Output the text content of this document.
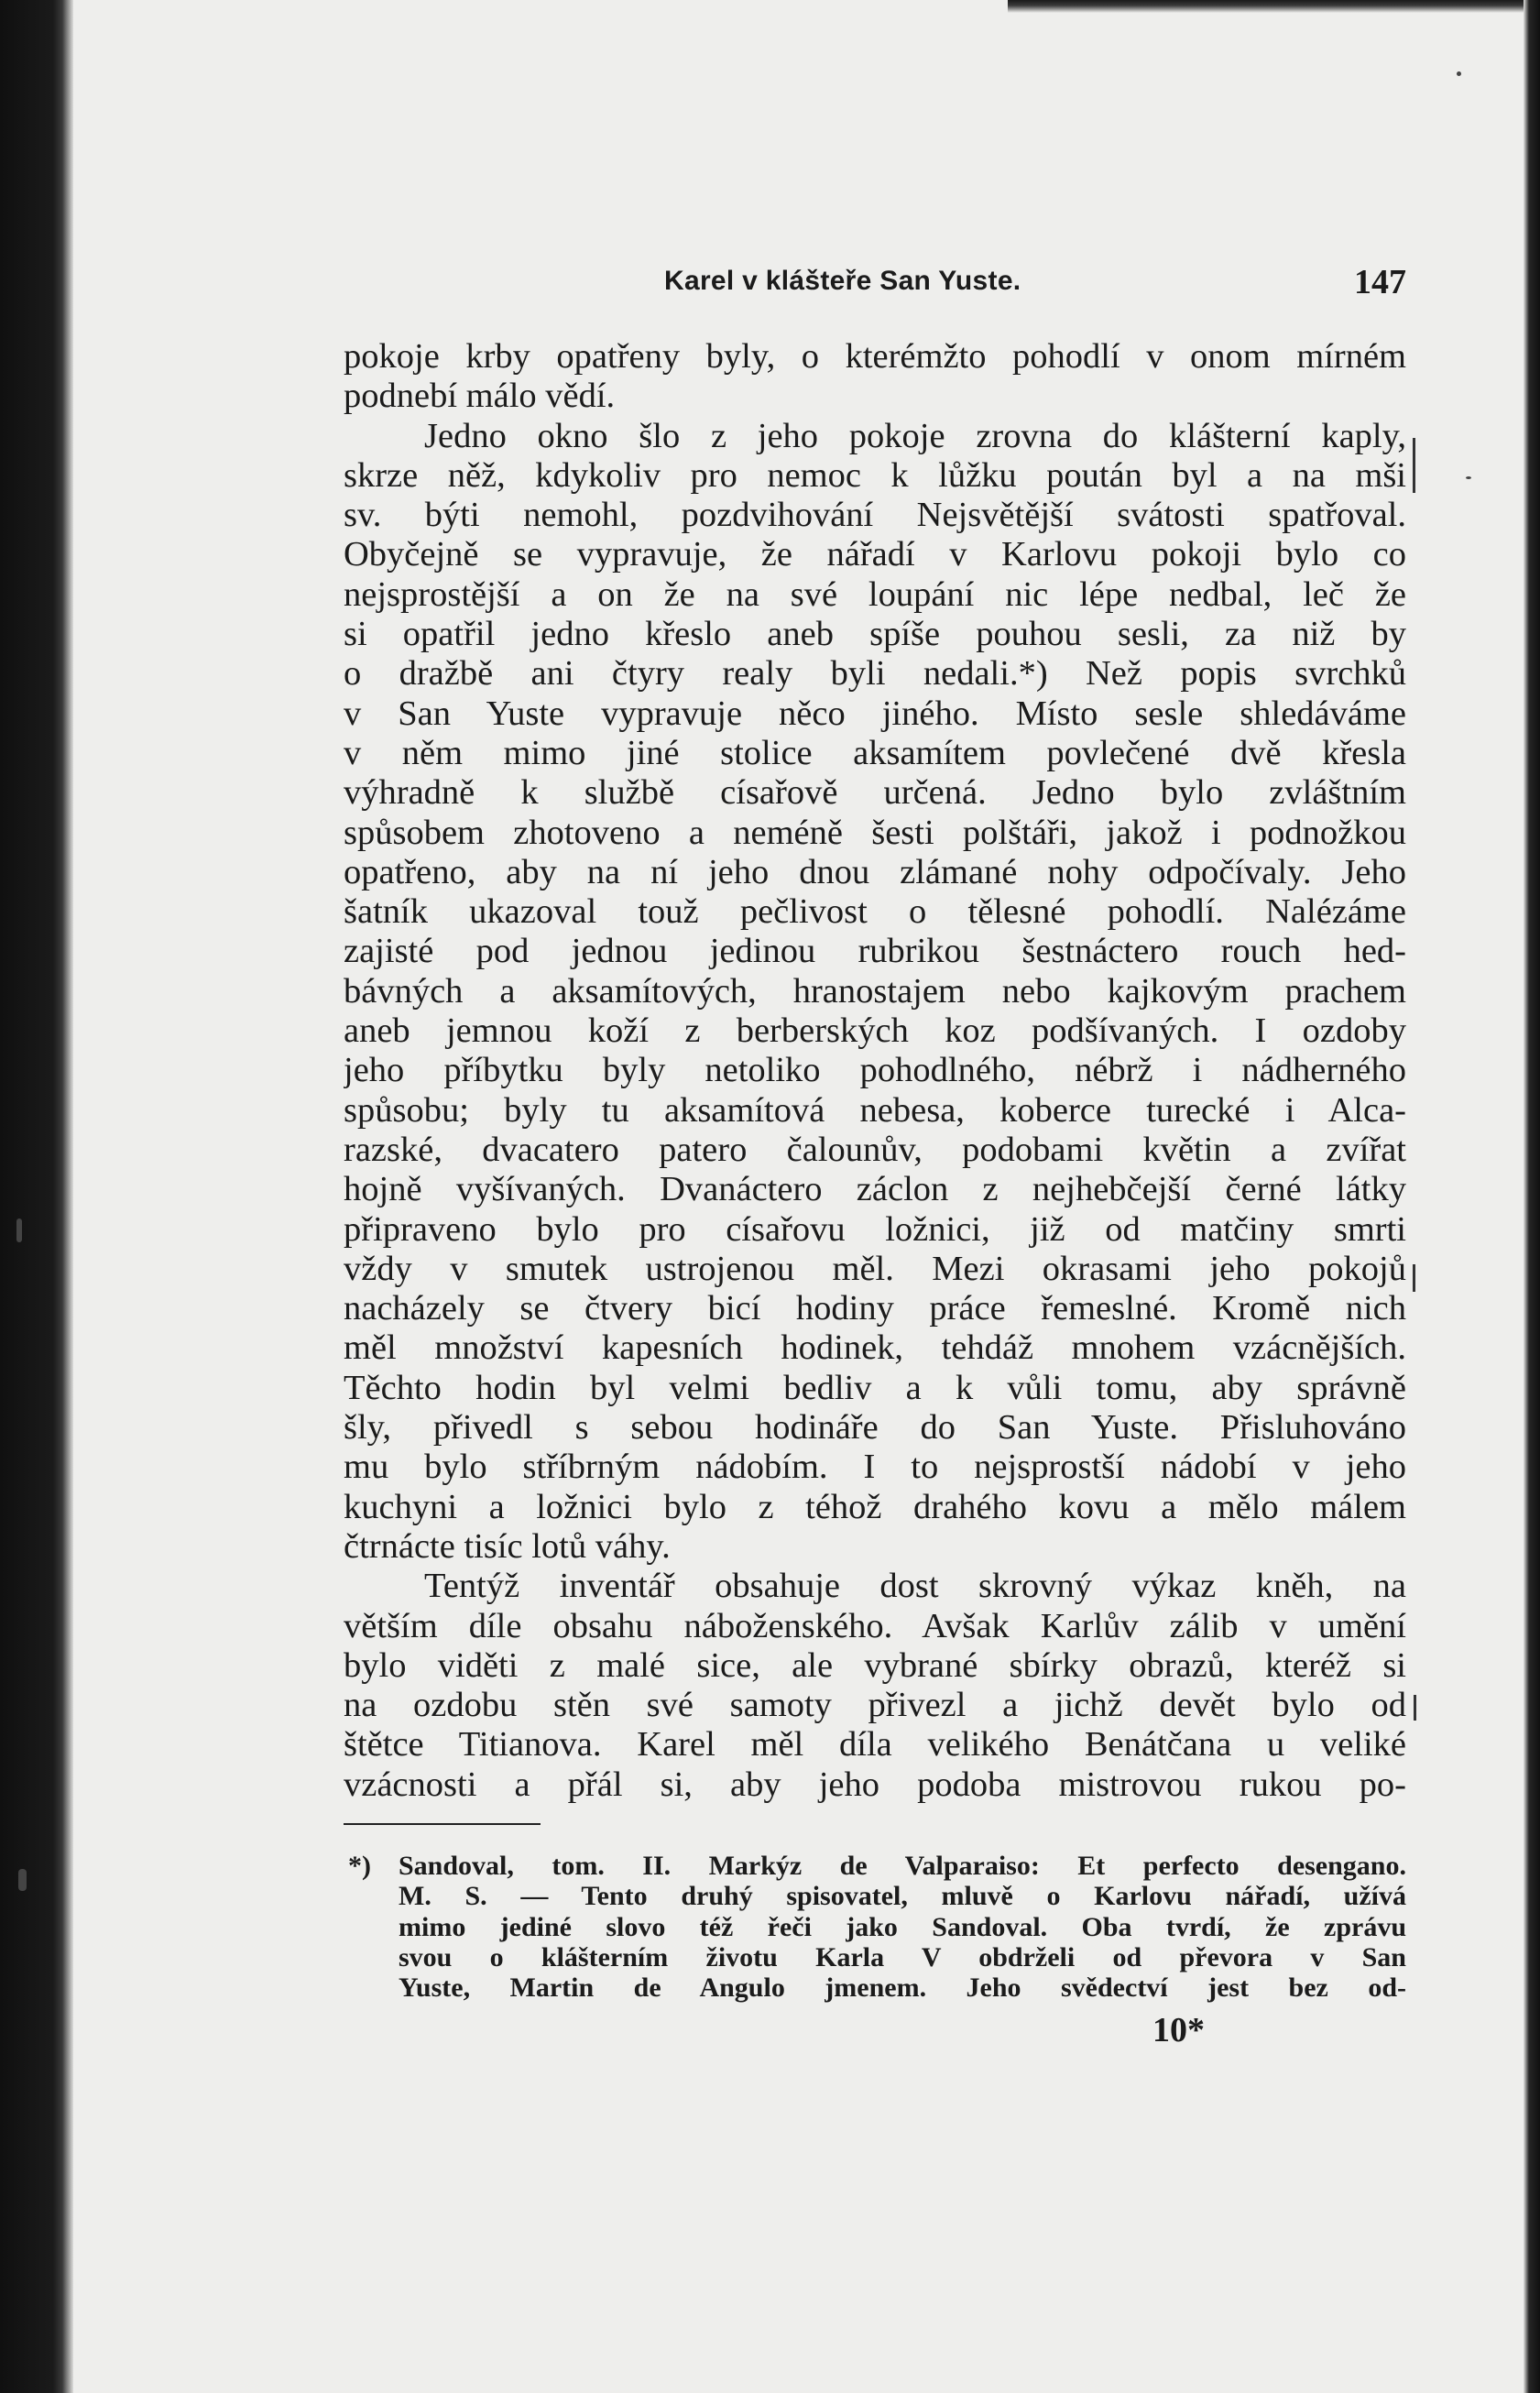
Karel v klášteře San Yuste.	147
pokoje krby opatřeny byly, o kterémžto pohodlí v onom mírném
podnebí málo vědí.
Jedno okno šlo z jeho pokoje zrovna do klášterní kaply,
skrze něž, kdykoliv pro nemoc k lůžku poután byl a na mši
sv. býti nemohl, pozdvihování Nejsvětější svátosti spatřoval.
Obyčejně se vypravuje, že nářadí v Karlovu pokoji bylo co
nejsprostější a on že na své loupání nic lépe nedbal, leč že
si opatřil jedno křeslo aneb spíše pouhou sesli, za niž by
o dražbě ani čtyry realy byli nedali.*) Než popis svrchků
v San Yuste vypravuje něco jiného. Místo sesle shledáváme
v něm mimo jiné stolice aksamítem povlečené dvě křesla
výhradně k službě císařově určená. Jedno bylo zvláštním
spůsobem zhotoveno a neméně šesti polštáři, jakož i podnožkou
opatřeno, aby na ní jeho dnou zlámané nohy odpočívaly. Jeho
šatník ukazoval touž pečlivost o tělesné pohodlí. Nalézáme
zajisté pod jednou jedinou rubrikou šestnáctero rouch hed-
bávných a aksamítových, hranostajem nebo kajkovým prachem
aneb jemnou koží z berberských koz podšívaných. I ozdoby
jeho příbytku byly netoliko pohodlného, nébrž i nádherného
spůsobu; byly tu aksamítová nebesa, koberce turecké i Alca-
razské, dvacatero patero čalounův, podobami květin a zvířat
hojně vyšívaných. Dvanáctero záclon z nejhebčejší černé látky
připraveno bylo pro císařovu ložnici, již od matčiny smrti
vždy v smutek ustrojenou měl. Mezi okrasami jeho pokojů
nacházely se čtvery bicí hodiny práce řemeslné. Kromě nich
měl množství kapesních hodinek, tehdáž mnohem vzácnějších.
Těchto hodin byl velmi bedliv a k vůli tomu, aby správně
šly, přivedl s sebou hodináře do San Yuste. Přisluhováno
mu bylo stříbrným nádobím. I to nejsprostší nádobí v jeho
kuchyni a ložnici bylo z téhož drahého kovu a mělo málem
čtrnácte tisíc lotů váhy.
Tentýž inventář obsahuje dost skrovný výkaz kněh, na
větším díle obsahu náboženského. Avšak Karlův zálib v umění
bylo viděti z malé sice, ale vybrané sbírky obrazů, kteréž si
na ozdobu stěn své samoty přivezl a jichž devět bylo od
štětce Titianova. Karel měl díla velikého Benátčana u veliké
vzácnosti a přál si, aby jeho podoba mistrovou rukou po-
*) Sandoval, tom. II. Markýz de Valparaiso: Et perfecto desengano.
M. S. — Tento druhý spisovatel, mluvě o Karlovu nářadí, užívá
mimo jediné slovo též řeči jako Sandoval. Oba tvrdí, že zprávu
svou o klášterním životu Karla V obdrželi od převora v San
Yuste, Martin de Angulo jmenem. Jeho svědectví jest bez od-
10*
